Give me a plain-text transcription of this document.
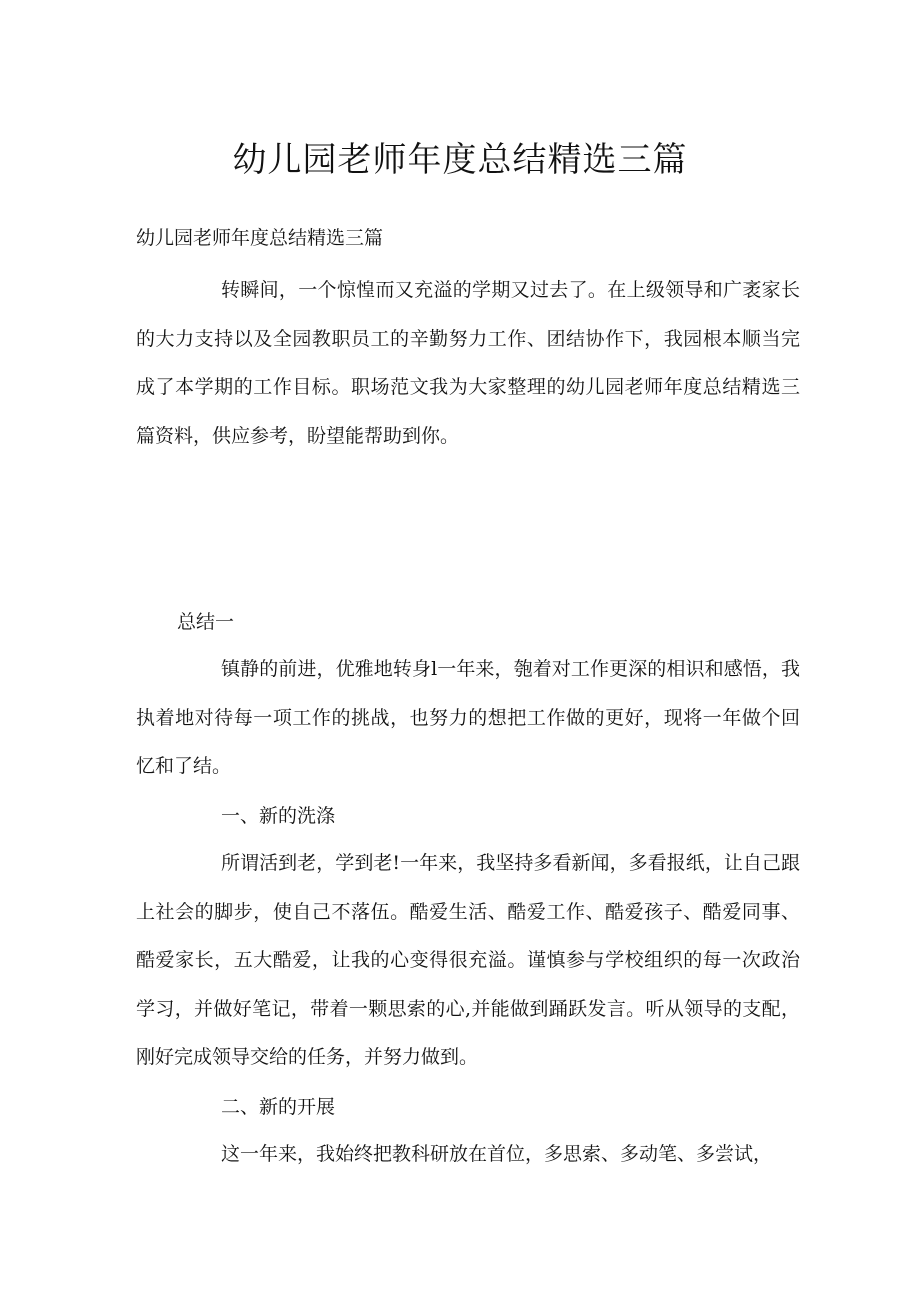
幼儿园老师年度总结精选三篇

幼儿园老师年度总结精选三篇

转瞬间，一个惊惶而又充溢的学期又过去了。在上级领导和广袤家长的大力支持以及全园教职员工的辛勤努力工作、团结协作下，我园根本顺当完成了本学期的工作目标。职场范文我为大家整理的幼儿园老师年度总结精选三篇资料，供应参考，盼望能帮助到你。

总结一

镇静的前进，优雅地转身l一年来，匏着对工作更深的相识和感悟，我执着地对待每一项工作的挑战，也努力的想把工作做的更好，现将一年做个回忆和了结。

一、新的洗涤

所谓活到老，学到老!一年来，我坚持多看新闻，多看报纸，让自己跟上社会的脚步，使自己不落伍。酷爱生活、酷爱工作、酷爱孩子、酷爱同事、酷爱家长，五大酷爱，让我的心变得很充溢。谨慎参与学校组织的每一次政治学习，并做好笔记，带着一颗思索的心,并能做到踊跃发言。听从领导的支配，刚好完成领导交给的任务，并努力做到。

二、新的开展

这一年来，我始终把教科研放在首位，多思索、多动笔、多尝试，
